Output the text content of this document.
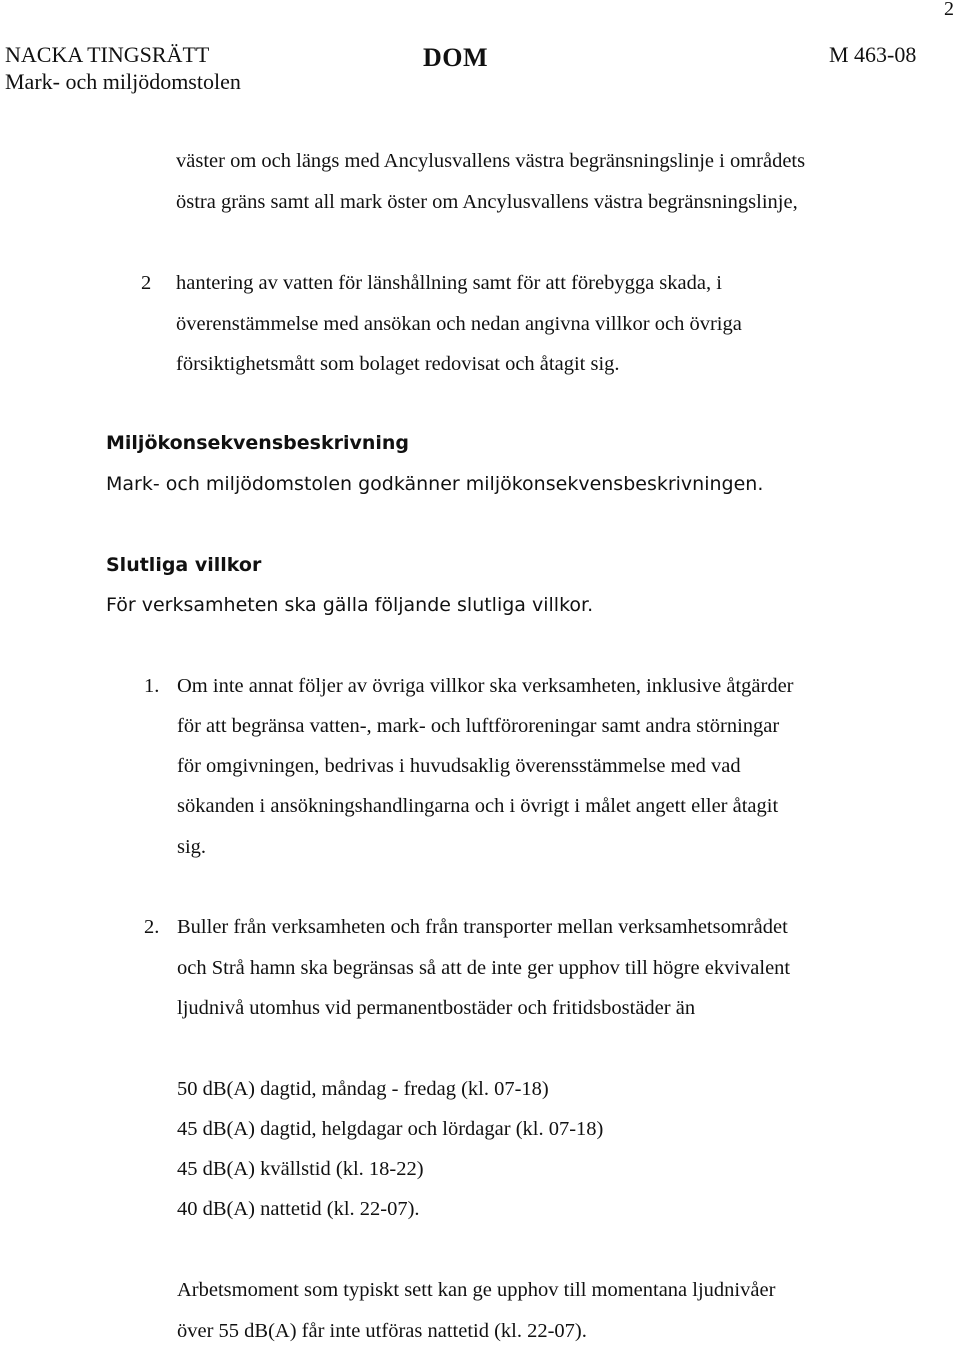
2
NACKA TINGSRÄTT
Mark- och miljödomstolen
DOM	M 463-08
väster om och längs med Ancylusvallens västra begränsningslinje i områdets
östra gräns samt all mark öster om Ancylusvallens västra begränsningslinje,
2 hantering av vatten för länshållning samt för att förebygga skada, i
överenstämmelse med ansökan och nedan angivna villkor och övriga
försiktighetsmått som bolaget redovisat och åtagit sig.
Miljökonsekvensbeskrivning
Mark- och miljödomstolen godkänner miljökonsekvensbeskrivningen.
Slutliga villkor
För verksamheten ska gälla följande slutliga villkor.
1. Om inte annat följer av övriga villkor ska verksamheten, inklusive åtgärder
för att begränsa vatten-, mark- och luftföroreningar samt andra störningar
för omgivningen, bedrivas i huvudsaklig överensstämmelse med vad
sökanden i ansökningshandlingarna och i övrigt i målet angett eller åtagit
sig.
2. Buller från verksamheten och från transporter mellan verksamhetsområdet
och Strå hamn ska begränsas så att de inte ger upphov till högre ekvivalent
ljudnivå utomhus vid permanentbostäder och fritidsbostäder än
50 dB(A) dagtid, måndag - fredag (kl. 07-18)
45 dB(A) dagtid, helgdagar och lördagar (kl. 07-18)
45 dB(A) kvällstid (kl. 18-22)
40 dB(A) nattetid (kl. 22-07).
Arbetsmoment som typiskt sett kan ge upphov till momentana ljudnivåer
över 55 dB(A) får inte utföras nattetid (kl. 22-07).
